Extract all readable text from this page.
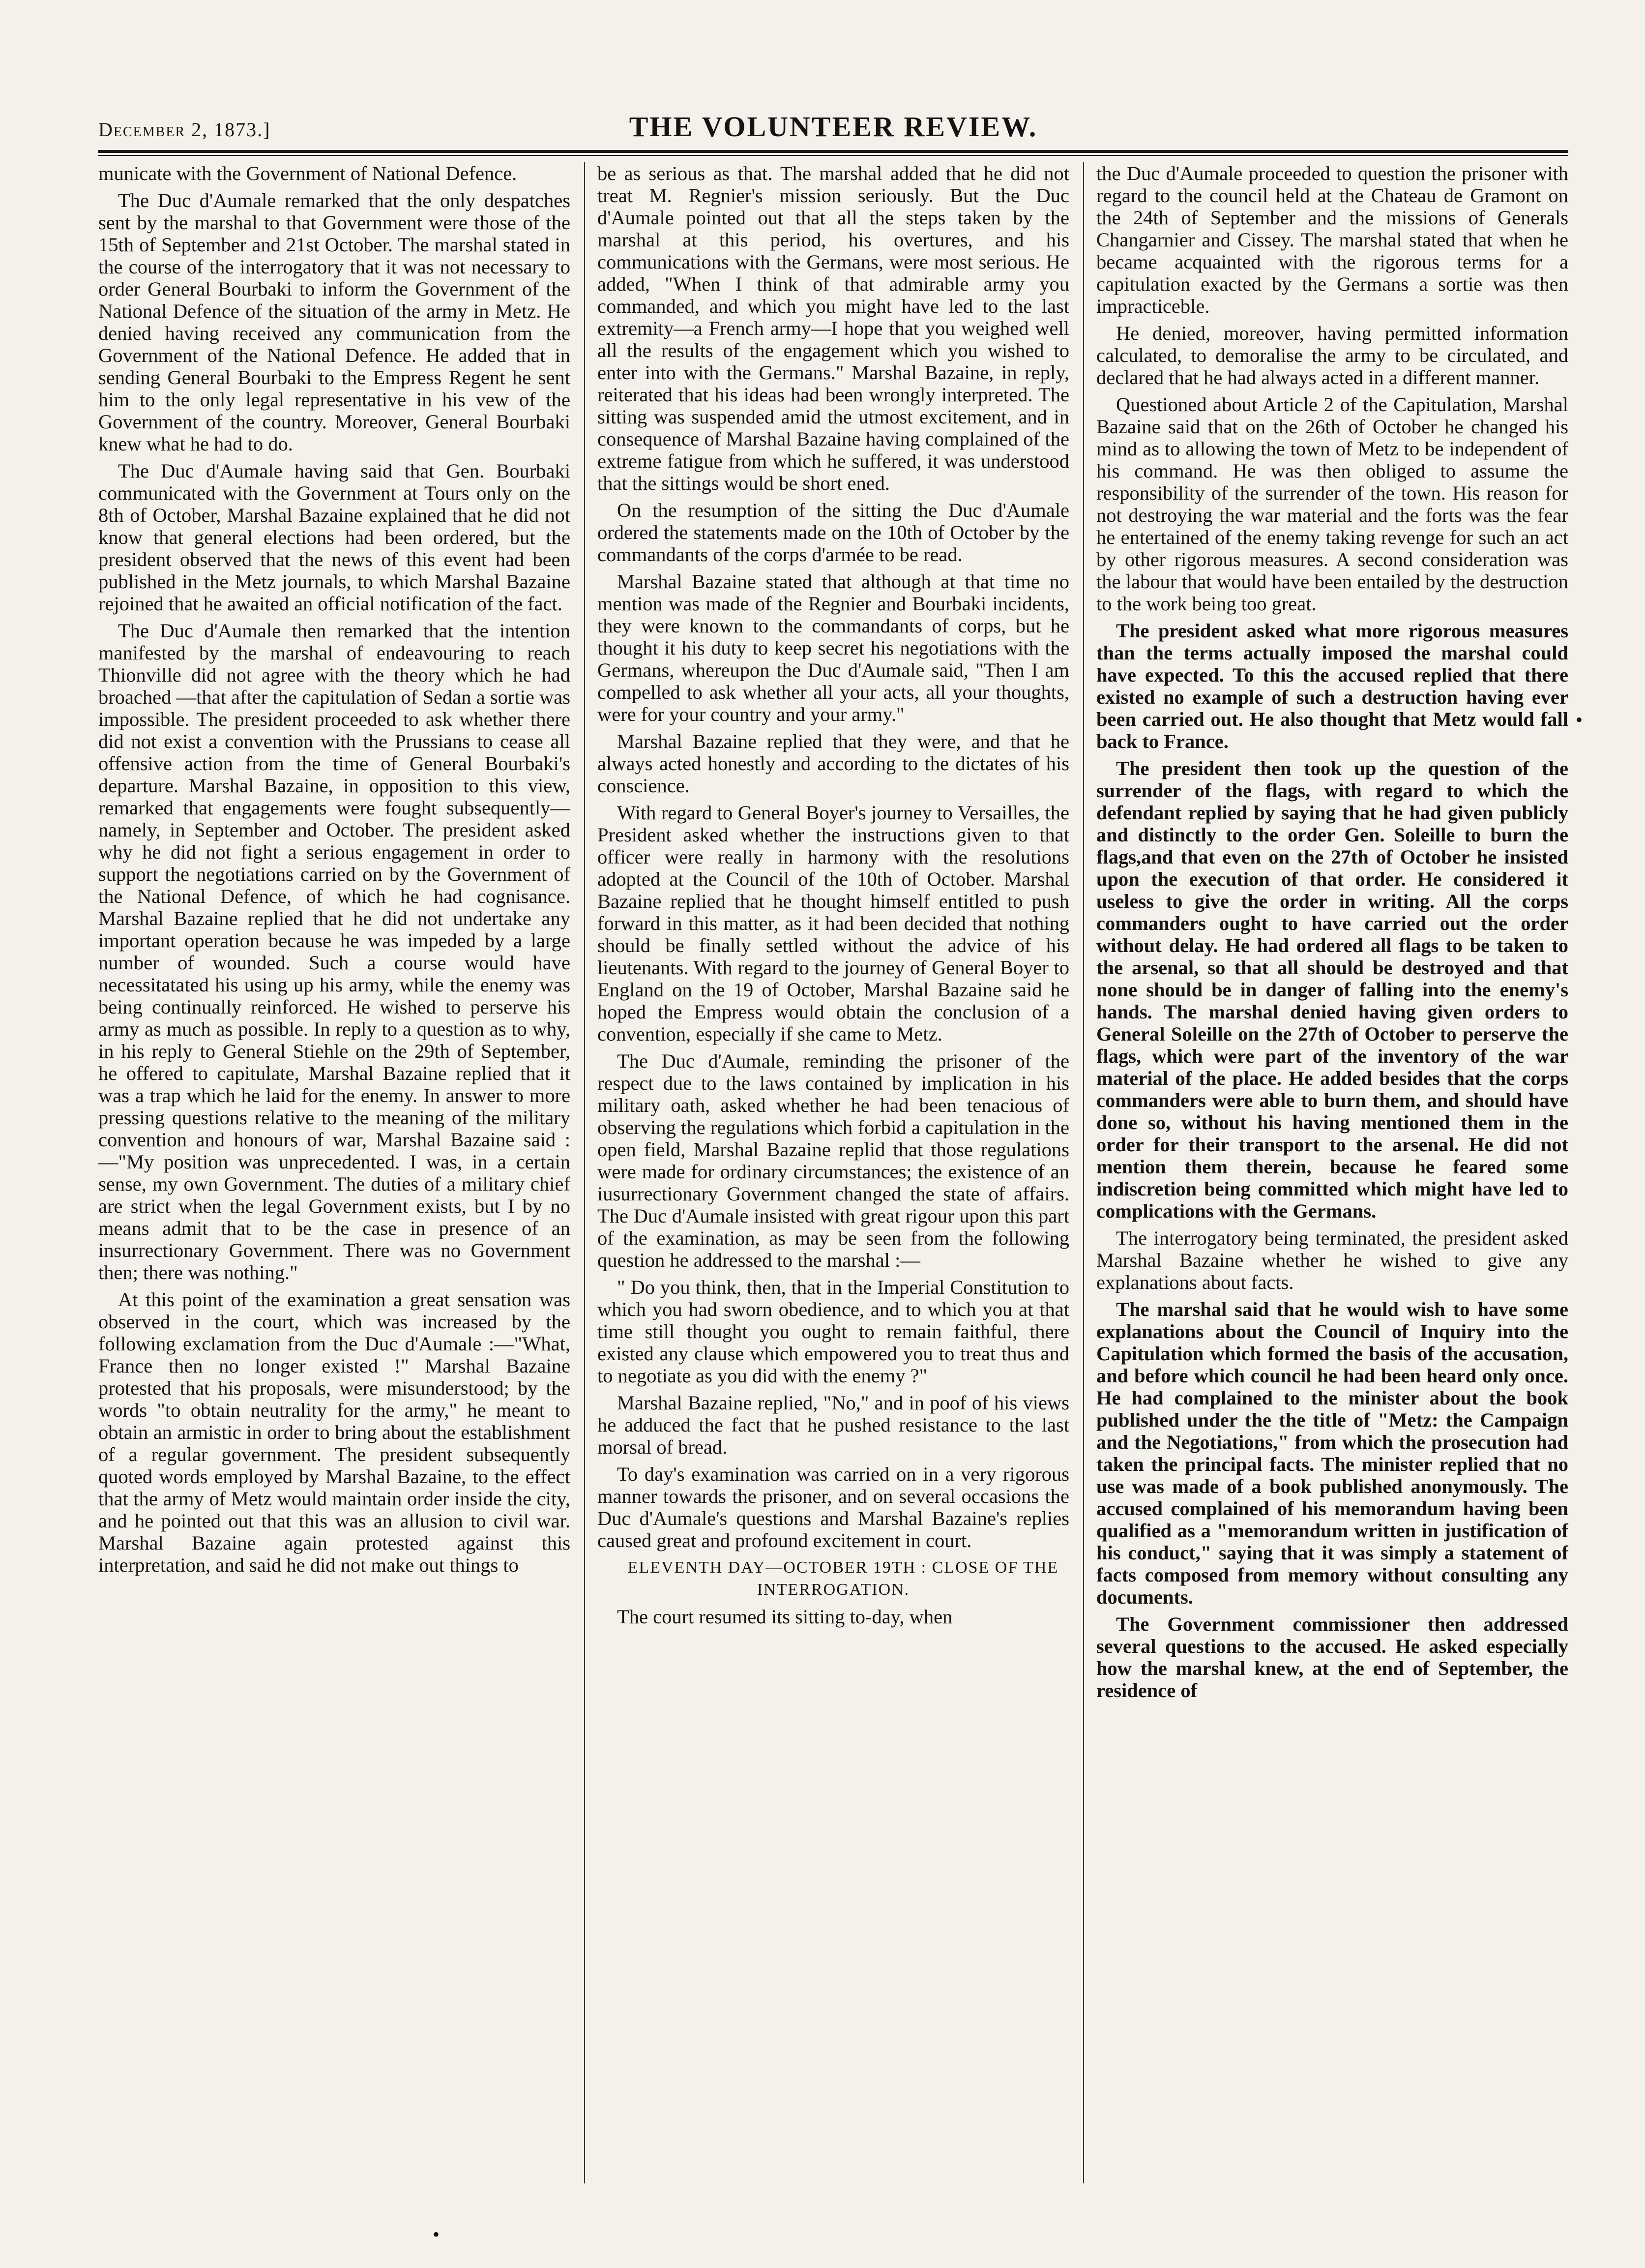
December 2, 1873.]	THE VOLUNTEER REVIEW.

municate with the Government of National Defence.

The Duc d'Aumale remarked that the only despatches sent by the marshal to that Government were those of the 15th of September and 21st October. The marshal stated in the course of the interrogatory that it was not necessary to order General Bourbaki to inform the Government of the National Defence of the situation of the army in Metz. He denied having received any communication from the Government of the National Defence. He added that in sending General Bourbaki to the Empress Regent he sent him to the only legal representative in his vew of the Government of the country. Moreover, General Bourbaki knew what he had to do.

The Duc d'Aumale having said that Gen. Bourbaki communicated with the Government at Tours only on the 8th of October, Marshal Bazaine explained that he did not know that general elections had been ordered, but the president observed that the news of this event had been published in the Metz journals, to which Marshal Bazaine rejoined that he awaited an official notification of the fact.

The Duc d'Aumale then remarked that the intention manifested by the marshal of endeavouring to reach Thionville did not agree with the theory which he had broached —that after the capitulation of Sedan a sortie was impossible. The president proceeded to ask whether there did not exist a convention with the Prussians to cease all offensive action from the time of General Bourbaki's departure. Marshal Bazaine, in opposition to this view, remarked that engagements were fought subsequently—namely, in September and October. The president asked why he did not fight a serious engagement in order to support the negotiations carried on by the Government of the National Defence, of which he had cognisance. Marshal Bazaine replied that he did not undertake any important operation because he was impeded by a large number of wounded. Such a course would have necessitatated his using up his army, while the enemy was being continually reinforced. He wished to perserve his army as much as possible. In reply to a question as to why, in his reply to General Stiehle on the 29th of September, he offered to capitulate, Marshal Bazaine replied that it was a trap which he laid for the enemy. In answer to more pressing questions relative to the meaning of the military convention and honours of war, Marshal Bazaine said :—"My position was unprecedented. I was, in a certain sense, my own Government. The duties of a military chief are strict when the legal Government exists, but I by no means admit that to be the case in presence of an insurrectionary Government. There was no Government then; there was nothing."

At this point of the examination a great sensation was observed in the court, which was increased by the following exclamation from the Duc d'Aumale :—"What, France then no longer existed !" Marshal Bazaine protested that his proposals, were misunderstood; by the words "to obtain neutrality for the army," he meant to obtain an armistic in order to bring about the establishment of a regular government. The president subsequently quoted words employed by Marshal Bazaine, to the effect that the army of Metz would maintain order inside the city, and he pointed out that this was an allusion to civil war. Marshal Bazaine again protested against this interpretation, and said he did not make out things to

be as serious as that. The marshal added that he did not treat M. Regnier's mission seriously. But the Duc d'Aumale pointed out that all the steps taken by the marshal at this period, his overtures, and his communications with the Germans, were most serious. He added, "When I think of that admirable army you commanded, and which you might have led to the last extremity—a French army—I hope that you weighed well all the results of the engagement which you wished to enter into with the Germans." Marshal Bazaine, in reply, reiterated that his ideas had been wrongly interpreted. The sitting was suspended amid the utmost excitement, and in consequence of Marshal Bazaine having complained of the extreme fatigue from which he suffered, it was understood that the sittings would be short ened.

On the resumption of the sitting the Duc d'Aumale ordered the statements made on the 10th of October by the commandants of the corps d'armée to be read.

Marshal Bazaine stated that although at that time no mention was made of the Regnier and Bourbaki incidents, they were known to the commandants of corps, but he thought it his duty to keep secret his negotiations with the Germans, whereupon the Duc d'Aumale said, "Then I am compelled to ask whether all your acts, all your thoughts, were for your country and your army."

Marshal Bazaine replied that they were, and that he always acted honestly and according to the dictates of his conscience.

With regard to General Boyer's journey to Versailles, the President asked whether the instructions given to that officer were really in harmony with the resolutions adopted at the Council of the 10th of October. Marshal Bazaine replied that he thought himself entitled to push forward in this matter, as it had been decided that nothing should be finally settled without the advice of his lieutenants. With regard to the journey of General Boyer to England on the 19 of October, Marshal Bazaine said he hoped the Empress would obtain the conclusion of a convention, especially if she came to Metz.

The Duc d'Aumale, reminding the prisoner of the respect due to the laws contained by implication in his military oath, asked whether he had been tenacious of observing the regulations which forbid a capitulation in the open field, Marshal Bazaine replid that those regulations were made for ordinary circumstances; the existence of an iusurrectionary Government changed the state of affairs. The Duc d'Aumale insisted with great rigour upon this part of the examination, as may be seen from the following question he addressed to the marshal :—

" Do you think, then, that in the Imperial Constitution to which you had sworn obedience, and to which you at that time still thought you ought to remain faithful, there existed any clause which empowered you to treat thus and to negotiate as you did with the enemy ?"

Marshal Bazaine replied, "No," and in poof of his views he adduced the fact that he pushed resistance to the last morsal of bread.

To day's examination was carried on in a very rigorous manner towards the prisoner, and on several occasions the Duc d'Aumale's questions and Marshal Bazaine's replies caused great and profound excitement in court.

ELEVENTH DAY—OCTOBER 19TH : CLOSE OF THE INTERROGATION.

The court resumed its sitting to-day, when

the Duc d'Aumale proceeded to question the prisoner with regard to the council held at the Chateau de Gramont on the 24th of September and the missions of Generals Changarnier and Cissey. The marshal stated that when he became acquainted with the rigorous terms for a capitulation exacted by the Germans a sortie was then impracticeble.

He denied, moreover, having permitted information calculated, to demoralise the army to be circulated, and declared that he had always acted in a different manner.

Questioned about Article 2 of the Capitulation, Marshal Bazaine said that on the 26th of October he changed his mind as to allowing the town of Metz to be independent of his command. He was then obliged to assume the responsibility of the surrender of the town. His reason for not destroying the war material and the forts was the fear he entertained of the enemy taking revenge for such an act by other rigorous measures. A second consideration was the labour that would have been entailed by the destruction to the work being too great.

The president asked what more rigorous measures than the terms actually imposed the marshal could have expected. To this the accused replied that there existed no example of such a destruction having ever been carried out. He also thought that Metz would fall back to France.

The president then took up the question of the surrender of the flags, with regard to which the defendant replied by saying that he had given publicly and distinctly to the order Gen. Soleille to burn the flags,and that even on the 27th of October he insisted upon the execution of that order. He considered it useless to give the order in writing. All the corps commanders ought to have carried out the order without delay. He had ordered all flags to be taken to the arsenal, so that all should be destroyed and that none should be in danger of falling into the enemy's hands. The marshal denied having given orders to General Soleille on the 27th of October to perserve the flags, which were part of the inventory of the war material of the place. He added besides that the corps commanders were able to burn them, and should have done so, without his having mentioned them in the order for their transport to the arsenal. He did not mention them therein, because he feared some indiscretion being committed which might have led to complications with the Germans.

The interrogatory being terminated, the president asked Marshal Bazaine whether he wished to give any explanations about facts.

The marshal said that he would wish to have some explanations about the Council of Inquiry into the Capitulation which formed the basis of the accusation, and before which council he had been heard only once. He had complained to the minister about the book published under the the title of "Metz: the Campaign and the Negotiations," from which the prosecution had taken the principal facts. The minister replied that no use was made of a book published anonymously. The accused complained of his memorandum having been qualified as a "memorandum written in justification of his conduct," saying that it was simply a statement of facts composed from memory without consulting any documents.

The Government commissioner then addressed several questions to the accused. He asked especially how the marshal knew, at the end of September, the residence of

•
•
